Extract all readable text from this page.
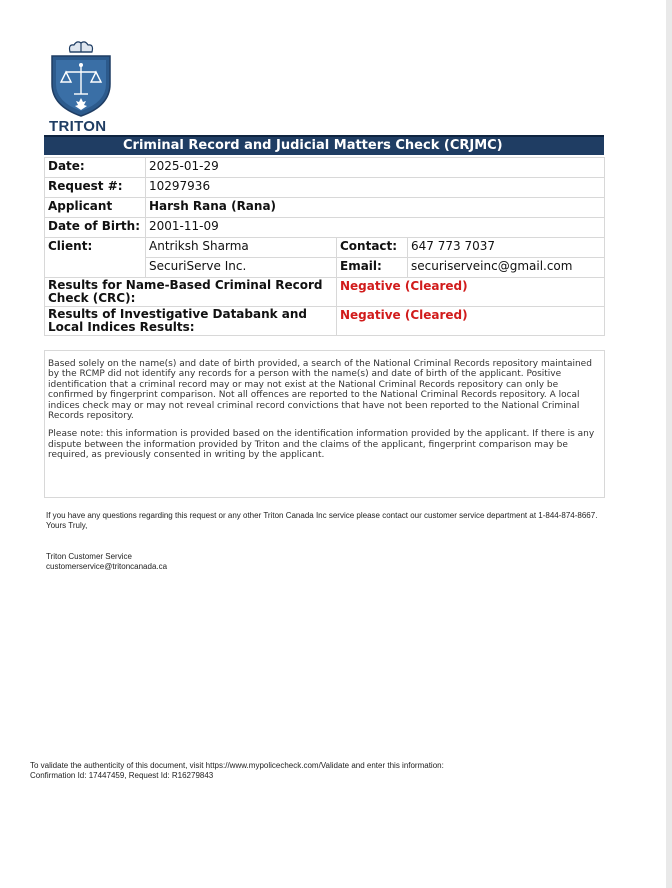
TRITON
Criminal Record and Judicial Matters Check (CRJMC)
Date:	2025-01-29		
Request #:	10297936		
Applicant	Harsh Rana (Rana)		
Date of Birth:	2001-11-09		
Client:	Antriksh Sharma	Contact:	647 773 7037
	SecuriServe Inc.	Email:	securiserveinc@gmail.com
Results for Name-Based Criminal Record Check (CRC):		Negative (Cleared)	
Results of Investigative Databank and Local Indices Results:		Negative (Cleared)	

Based solely on the name(s) and date of birth provided, a search of the National Criminal Records repository maintained by the RCMP did not identify any records for a person with the name(s) and date of birth of the applicant. Positive identification that a criminal record may or may not exist at the National Criminal Records repository can only be confirmed by fingerprint comparison. Not all offences are reported to the National Criminal Records repository. A local indices check may or may not reveal criminal record convictions that have not been reported to the National Criminal Records repository.

Please note: this information is provided based on the identification information provided by the applicant. If there is any dispute between the information provided by Triton and the claims of the applicant, fingerprint comparison may be required, as previously consented in writing by the applicant.

If you have any questions regarding this request or any other Triton Canada Inc service please contact our customer service department at 1-844-874-8667.
Yours Truly,
Triton Customer Service
customerservice@tritoncanada.ca
To validate the authenticity of this document, visit https://www.mypolicecheck.com/Validate and enter this information:
Confirmation Id: 17447459, Request Id: R16279843
